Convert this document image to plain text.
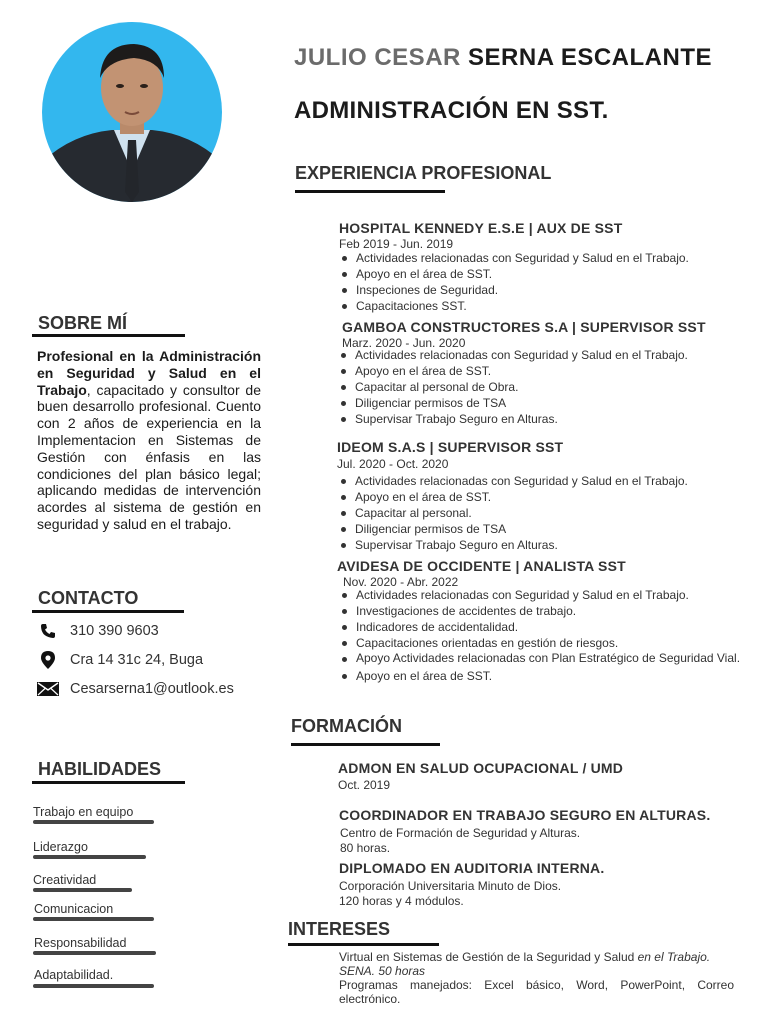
JULIO CESAR SERNA ESCALANTE
ADMINISTRACIÓN EN SST.
EXPERIENCIA PROFESIONAL
HOSPITAL KENNEDY E.S.E | AUX DE SST
Feb 2019 - Jun. 2019
Actividades relacionadas con Seguridad y Salud en el Trabajo.
Apoyo en el área de SST.
Inspeciones de Seguridad.
Capacitaciones SST.
GAMBOA CONSTRUCTORES S.A | SUPERVISOR SST
Marz. 2020 - Jun. 2020
Actividades relacionadas con Seguridad y Salud en el Trabajo.
Apoyo en el área de SST.
Capacitar al personal de Obra.
Diligenciar permisos de TSA
Supervisar Trabajo Seguro en Alturas.
IDEOM S.A.S | SUPERVISOR SST
Jul. 2020 - Oct. 2020
Actividades relacionadas con Seguridad y Salud en el Trabajo.
Apoyo en el área de SST.
Capacitar al personal.
Diligenciar permisos de TSA
Supervisar Trabajo Seguro en Alturas.
AVIDESA DE OCCIDENTE | ANALISTA SST
Nov. 2020 - Abr. 2022
Actividades relacionadas con Seguridad y Salud en el Trabajo.
Investigaciones de accidentes de trabajo.
Indicadores de accidentalidad.
Capacitaciones orientadas en gestión de riesgos.
Apoyo Actividades relacionadas con Plan Estratégico de Seguridad Vial.
Apoyo en el área de SST.
FORMACIÓN
ADMON EN SALUD OCUPACIONAL / UMD
Oct. 2019
COORDINADOR EN TRABAJO SEGURO EN ALTURAS.
Centro de Formación de Seguridad y Alturas.
80 horas.
DIPLOMADO EN AUDITORIA INTERNA.
Corporación Universitaria Minuto de Dios.
120 horas y 4 módulos.
INTERESES
Virtual en Sistemas de Gestión de la Seguridad y Salud en el Trabajo. SENA. 50 horas
Programas manejados: Excel básico, Word, PowerPoint, Correo electrónico.
SOBRE MÍ
Profesional en la Administración en Seguridad y Salud en el Trabajo, capacitado y consultor de buen desarrollo profesional. Cuento con 2 años de experiencia en la Implementacion en Sistemas de Gestión con énfasis en las condiciones del plan básico legal; aplicando medidas de intervención acordes al sistema de gestión en seguridad y salud en el trabajo.
CONTACTO
310 390 9603
Cra 14 31c 24, Buga
Cesarserna1@outlook.es
HABILIDADES
Trabajo en equipo
Liderazgo
Creatividad
Comunicacion
Responsabilidad
Adaptabilidad.
